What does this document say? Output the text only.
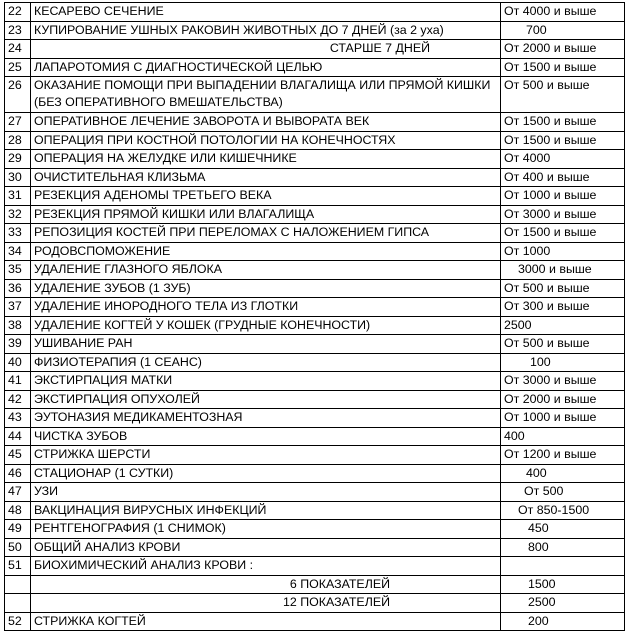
22	КЕСАРЕВО СЕЧЕНИЕ	От 4000 и выше
23	КУПИРОВАНИЕ УШНЫХ РАКОВИН ЖИВОТНЫХ ДО 7 ДНЕЙ (за 2 уха)	700
24	СТАРШЕ 7 ДНЕЙ	От 2000 и выше
25	ЛАПАРОТОМИЯ С ДИАГНОСТИЧЕСКОЙ ЦЕЛЬЮ	От 1500 и выше
26	ОКАЗАНИЕ ПОМОЩИ ПРИ ВЫПАДЕНИИ ВЛАГАЛИЩА ИЛИ ПРЯМОЙ КИШКИ (БЕЗ ОПЕРАТИВНОГО ВМЕШАТЕЛЬСТВА)	От 500 и выше
27	ОПЕРАТИВНОЕ ЛЕЧЕНИЕ ЗАВОРОТА И ВЫВОРАТА ВЕК	От 1500 и выше
28	ОПЕРАЦИЯ ПРИ КОСТНОЙ ПОТОЛОГИИ НА КОНЕЧНОСТЯХ	От 1500 и выше
29	ОПЕРАЦИЯ НА ЖЕЛУДКЕ ИЛИ КИШЕЧНИКЕ	От 4000
30	ОЧИСТИТЕЛЬНАЯ КЛИЗЬМА	От 400 и выше
31	РЕЗЕКЦИЯ АДЕНОМЫ ТРЕТЬЕГО ВЕКА	От 1000 и выше
32	РЕЗЕКЦИЯ ПРЯМОЙ КИШКИ ИЛИ ВЛАГАЛИЩА	От 3000 и выше
33	РЕПОЗИЦИЯ КОСТЕЙ ПРИ ПЕРЕЛОМАХ С НАЛОЖЕНИЕМ ГИПСА	От 1500 и выше
34	РОДОВСПОМОЖЕНИЕ	От 1000
35	УДАЛЕНИЕ ГЛАЗНОГО ЯБЛОКА	3000 и выше
36	УДАЛЕНИЕ ЗУБОВ (1 ЗУБ)	От 500 и выше
37	УДАЛЕНИЕ ИНОРОДНОГО ТЕЛА ИЗ ГЛОТКИ	От 300 и выше
38	УДАЛЕНИЕ КОГТЕЙ У КОШЕК (ГРУДНЫЕ КОНЕЧНОСТИ)	2500
39	УШИВАНИЕ РАН	От 500 и выше
40	ФИЗИОТЕРАПИЯ (1 СЕАНС)	100
41	ЭКСТИРПАЦИЯ МАТКИ	От 3000 и выше
42	ЭКСТИРПАЦИЯ ОПУХОЛЕЙ	От 2000 и выше
43	ЭУТОНАЗИЯ МЕДИКАМЕНТОЗНАЯ	От 1000 и выше
44	ЧИСТКА ЗУБОВ	400
45	СТРИЖКА ШЕРСТИ	От 1200 и выше
46	СТАЦИОНАР (1 СУТКИ)	400
47	УЗИ	От 500
48	ВАКЦИНАЦИЯ ВИРУСНЫХ ИНФЕКЦИЙ	От 850-1500
49	РЕНТГЕНОГРАФИЯ (1 СНИМОК)	450
50	ОБЩИЙ АНАЛИЗ КРОВИ	800
51	БИОХИМИЧЕСКИЙ АНАЛИЗ КРОВИ :	
	6 ПОКАЗАТЕЛЕЙ	1500
	12 ПОКАЗАТЕЛЕЙ	2500
52	СТРИЖКА КОГТЕЙ	200
